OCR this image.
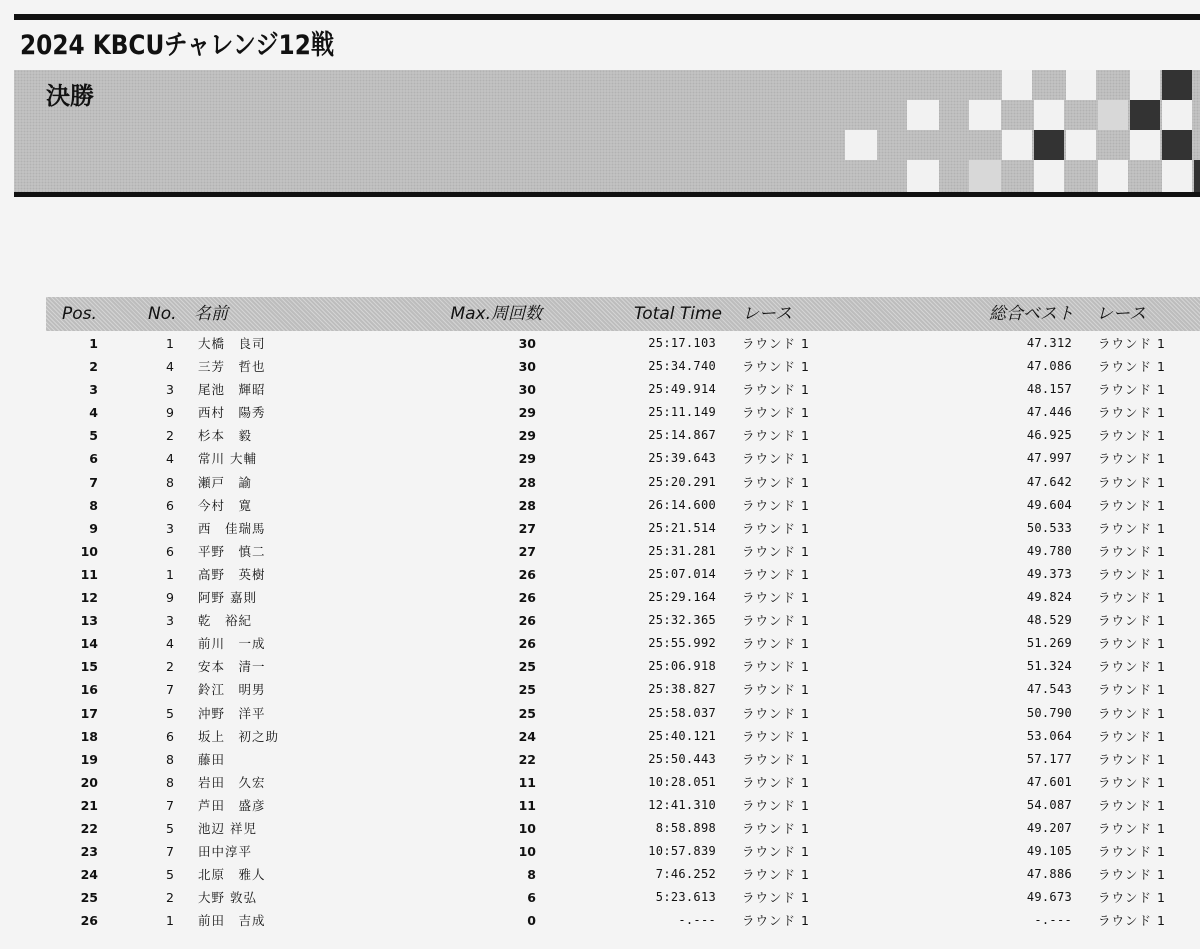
2024 KBCUチャレンジ12戦
決勝
Pos.	No. 名前	Max.周回数	Total Time レース	総合ベスト レース
1	1 大橋　良司	30	25:17.103 ラウンド 1	47.312 ラウンド 1
2	4 三芳　哲也	30	25:34.740 ラウンド 1	47.086 ラウンド 1
3	3 尾池　輝昭	30	25:49.914 ラウンド 1	48.157 ラウンド 1
4	9 西村　陽秀	29	25:11.149 ラウンド 1	47.446 ラウンド 1
5	2 杉本　毅	29	25:14.867 ラウンド 1	46.925 ラウンド 1
6	4 常川 大輔	29	25:39.643 ラウンド 1	47.997 ラウンド 1
7	8 瀬戸　諭	28	25:20.291 ラウンド 1	47.642 ラウンド 1
8	6 今村　寛	28	26:14.600 ラウンド 1	49.604 ラウンド 1
9	3 西　佳瑞馬	27	25:21.514 ラウンド 1	50.533 ラウンド 1
10	6 平野　慎二	27	25:31.281 ラウンド 1	49.780 ラウンド 1
11	1 高野　英樹	26	25:07.014 ラウンド 1	49.373 ラウンド 1
12	9 阿野 嘉則	26	25:29.164 ラウンド 1	49.824 ラウンド 1
13	3 乾　裕紀	26	25:32.365 ラウンド 1	48.529 ラウンド 1
14	4 前川　一成	26	25:55.992 ラウンド 1	51.269 ラウンド 1
15	2 安本　清一	25	25:06.918 ラウンド 1	51.324 ラウンド 1
16	7 鈴江　明男	25	25:38.827 ラウンド 1	47.543 ラウンド 1
17	5 沖野　洋平	25	25:58.037 ラウンド 1	50.790 ラウンド 1
18	6 坂上　初之助	24	25:40.121 ラウンド 1	53.064 ラウンド 1
19	8 藤田	22	25:50.443 ラウンド 1	57.177 ラウンド 1
20	8 岩田　久宏	11	10:28.051 ラウンド 1	47.601 ラウンド 1
21	7 芦田　盛彦	11	12:41.310 ラウンド 1	54.087 ラウンド 1
22	5 池辺 祥児	10	8:58.898 ラウンド 1	49.207 ラウンド 1
23	7 田中淳平	10	10:57.839 ラウンド 1	49.105 ラウンド 1
24	5 北原　雅人	8	7:46.252 ラウンド 1	47.886 ラウンド 1
25	2 大野 敦弘	6	5:23.613 ラウンド 1	49.673 ラウンド 1
26	1 前田　吉成	0	-.--- ラウンド 1	-.--- ラウンド 1
